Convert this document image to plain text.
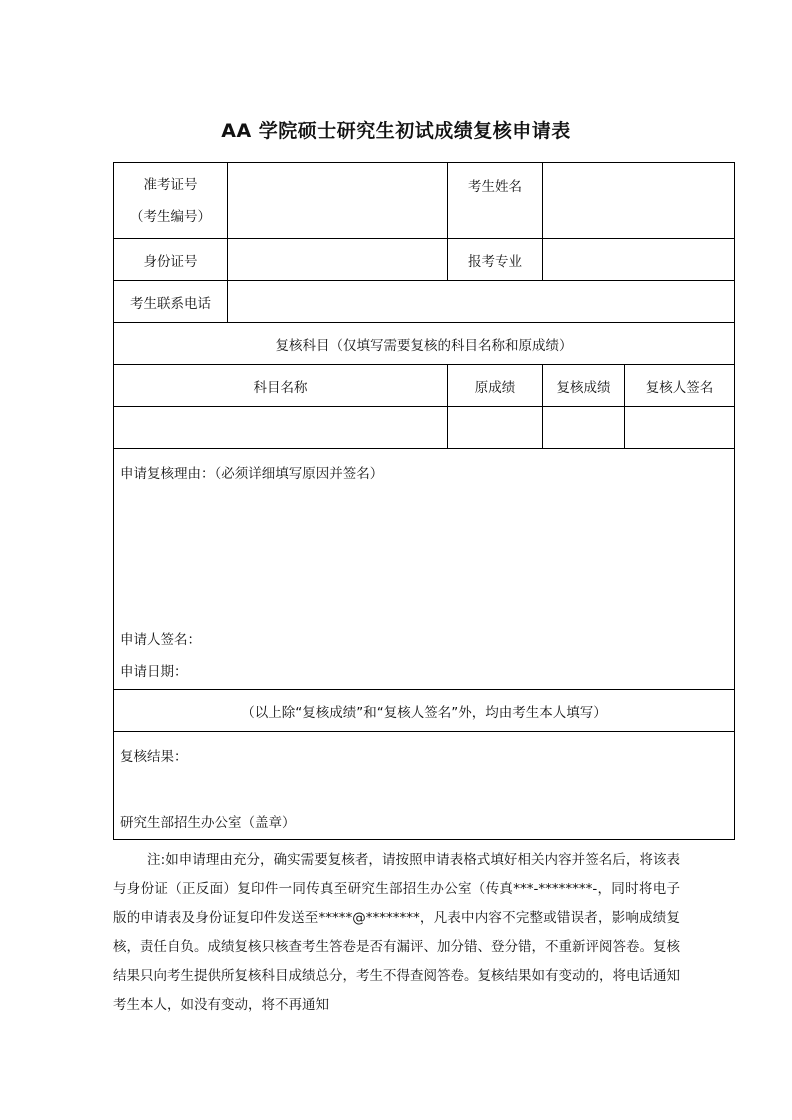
AA 学院硕士研究生初试成绩复核申请表
准考证号
（考生编号）		考生姓名		
身份证号		报考专业		
考生联系电话				
复核科目（仅填写需要复核的科目名称和原成绩）				
科目名称		原成绩	复核成绩	复核人签名

申请复核理由：（必须详细填写原因并签名）
申请人签名：
申请日期：				

（以上除“复核成绩”和“复核人签名”外，均由考生本人填写）				

复核结果：
研究生部招生办公室（盖章）				
注:如申请理由充分，确实需要复核者，请按照申请表格式填好相关内容并签名后，将该表与身份证（正反面）复印件一同传真至研究生部招生办公室（传真***-********-，同时将电子版的申请表及身份证复印件发送至*****@********，凡表中内容不完整或错误者，影响成绩复核，责任自负。成绩复核只核查考生答卷是否有漏评、加分错、登分错，不重新评阅答卷。复核结果只向考生提供所复核科目成绩总分，考生不得查阅答卷。复核结果如有变动的，将电话通知考生本人，如没有变动，将不再通知
